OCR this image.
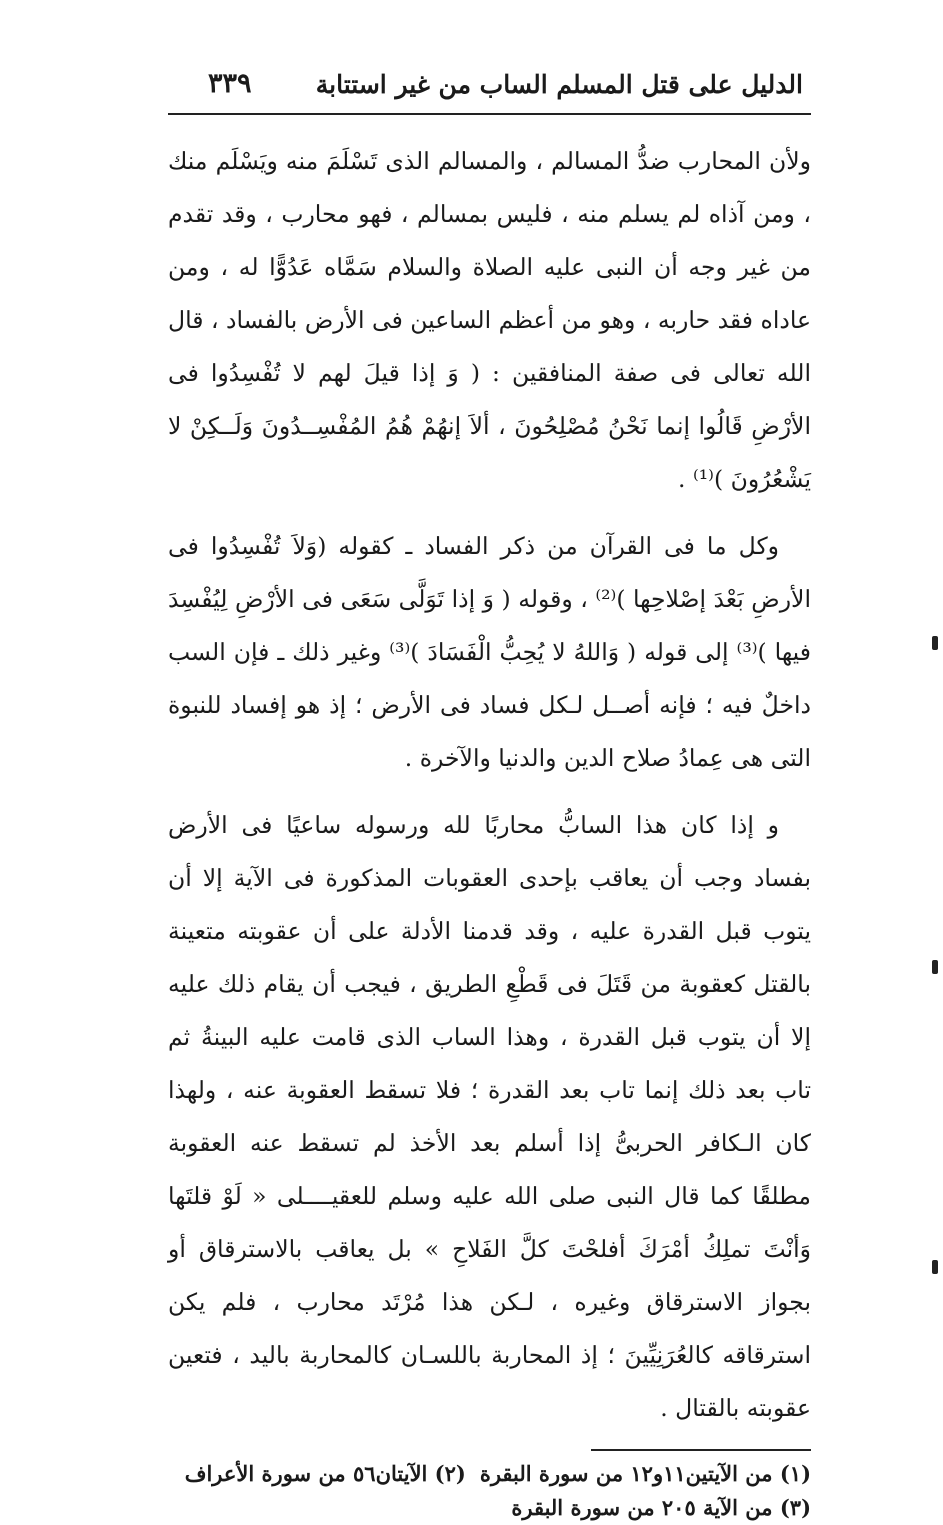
الدليل على قتل المسلم الساب من غير استتابة
٣٣٩

ولأن المحارب ضدُّ المسالم ، والمسالم الذى تَسْلَمَ منه ويَسْلَم منك ، ومن آذاه لم يسلم منه ، فليس بمسالم ، فهو محارب ، وقد تقدم من غير وجه أن النبى عليه الصلاة والسلام سَمَّاه عَدُوًّا له ، ومن عاداه فقد حاربه ، وهو من أعظم الساعين فى الأرض بالفساد ، قال الله تعالى فى صفة المنافقين : ( وَ إذا قيلَ لهم لا تُفْسِدُوا فى الأرْضِ قَالُوا إنما نَحْنُ مُصْلِحُونَ ، ألاَ إنهُمْ هُمُ المُفْسِــدُونَ وَلَــكِنْ لا يَشْعُرُونَ )⁽¹⁾ .

وكل ما فى القرآن من ذكر الفساد ـ كقوله (وَلاَ تُفْسِدُوا فى الأرضِ بَعْدَ إصْلاحِها )⁽²⁾ ، وقوله ( وَ إذا تَوَلَّى سَعَى فى الأرْضِ لِيُفْسِدَ فيها )⁽³⁾ إلى قوله ( وَاللهُ لا يُحِبُّ الْفَسَادَ )⁽³⁾ وغير ذلك ـ فإن السب داخلٌ فيه ؛ فإنه أصــل لـكل فساد فى الأرض ؛ إذ هو إفساد للنبوة التى هى عِمادُ صلاح الدين والدنيا والآخرة .

و إذا كان هذا السابُّ محاربًا لله ورسوله ساعيًا فى الأرض بفساد وجب أن يعاقب بإحدى العقوبات المذكورة فى الآية إلا أن يتوب قبل القدرة عليه ، وقد قدمنا الأدلة على أن عقوبته متعينة بالقتل كعقوبة من قَتَلَ فى قَطْعِ الطريق ، فيجب أن يقام ذلك عليه إلا أن يتوب قبل القدرة ، وهذا الساب الذى قامت عليه البينةُ ثم تاب بعد ذلك إنما تاب بعد القدرة ؛ فلا تسقط العقوبة عنه ، ولهذا كان الـكافر الحربىُّ إذا أسلم بعد الأخذ لم تسقط عنه العقوبة مطلقًا كما قال النبى صلى الله عليه وسلم للعقيــــلى « لَوْ قلتَها وَأنْتَ تملِكُ أمْرَكَ أفلحْتَ كلَّ الفَلاحِ » بل يعاقب بالاسترقاق أو بجواز الاسترقاق وغيره ، لـكن هذا مُرْتَد محارب ، فلم يكن استرقاقه كالعُرَنِيِّينَ ؛ إذ المحاربة باللسـان كالمحاربة باليد ، فتعين عقوبته بالقتال .

(١) من الآيتين١١و١٢ من سورة البقرة
(٢) الآيتان٥٦ من سورة الأعراف
(٣) من الآية ٢٠٥ من سورة البقرة
